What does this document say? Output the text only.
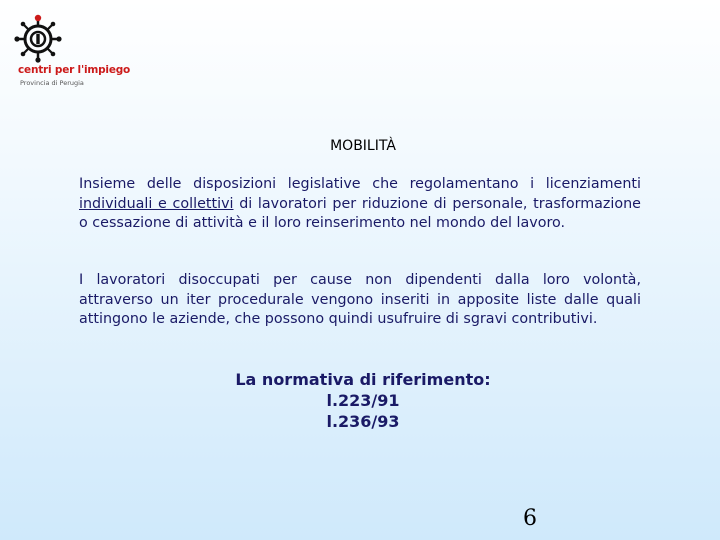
centri per l'impiego
Provincia di Perugia
MOBILITÀ

Insieme delle disposizioni legislative che regolamentano i licenziamenti individuali e collettivi di lavoratori per riduzione di personale, trasformazione o cessazione di attività e il loro reinserimento nel mondo del lavoro.

I lavoratori disoccupati per cause non dipendenti dalla loro volontà, attraverso un iter procedurale vengono inseriti in apposite liste dalle quali attingono le aziende, che possono quindi usufruire di sgravi contributivi.

La normativa di riferimento:
l.223/91
l.236/93
6
